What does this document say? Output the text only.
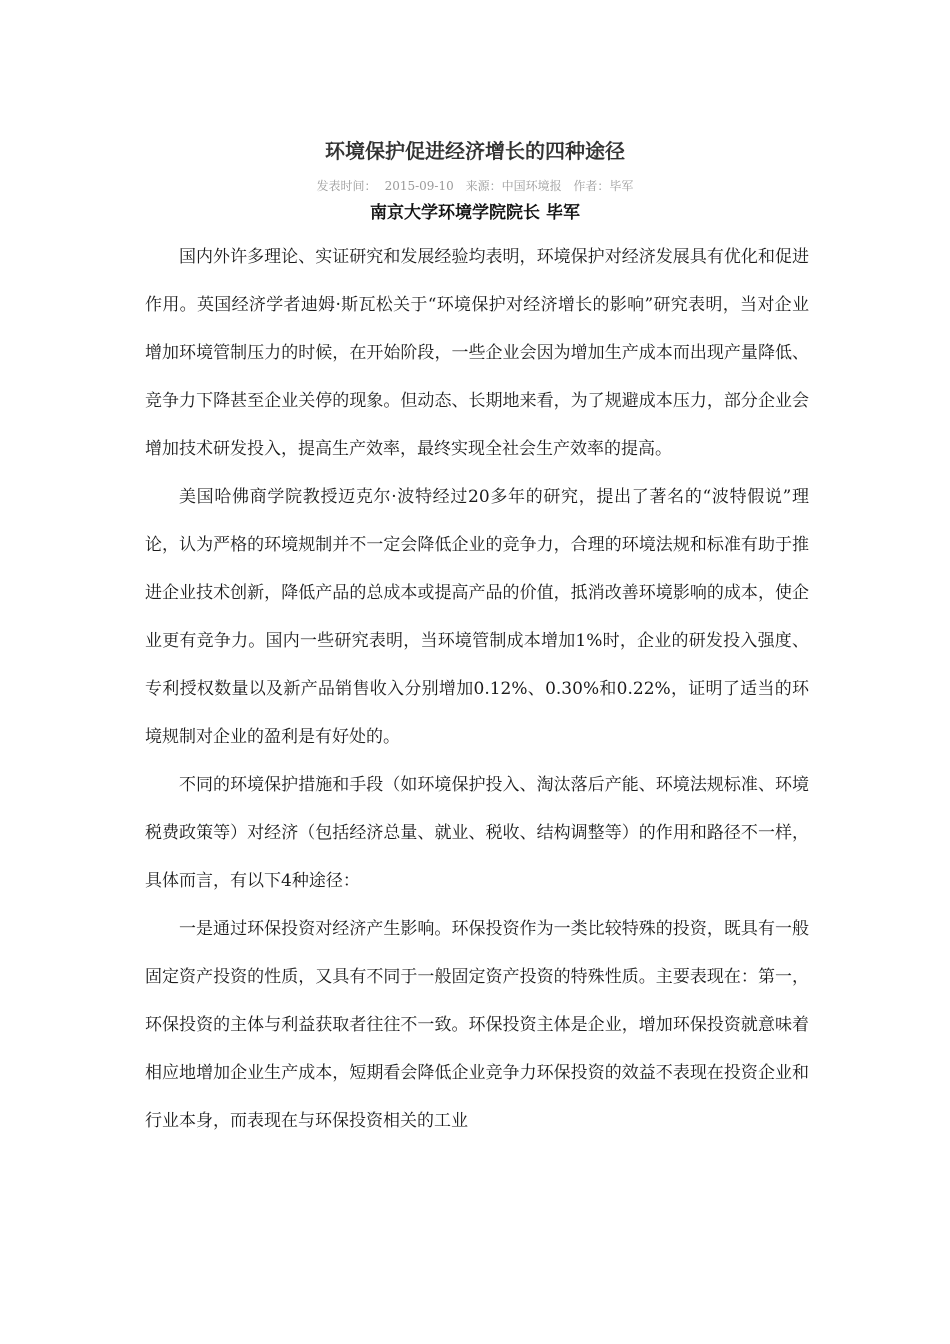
环境保护促进经济增长的四种途径
发表时间： 2015-09-10 来源：中国环境报 作者：毕军
南京大学环境学院院长 毕军

国内外许多理论、实证研究和发展经验均表明，环境保护对经济发展具有优化和促进作用。英国经济学者迪姆·斯瓦松关于“环境保护对经济增长的影响”研究表明，当对企业增加环境管制压力的时候，在开始阶段，一些企业会因为增加生产成本而出现产量降低、竞争力下降甚至企业关停的现象。但动态、长期地来看，为了规避成本压力，部分企业会增加技术研发投入，提高生产效率，最终实现全社会生产效率的提高。

美国哈佛商学院教授迈克尔·波特经过20多年的研究，提出了著名的“波特假说”理论，认为严格的环境规制并不一定会降低企业的竞争力，合理的环境法规和标准有助于推进企业技术创新，降低产品的总成本或提高产品的价值，抵消改善环境影响的成本，使企业更有竞争力。国内一些研究表明，当环境管制成本增加1%时，企业的研发投入强度、专利授权数量以及新产品销售收入分别增加0.12%、0.30%和0.22%，证明了适当的环境规制对企业的盈利是有好处的。

不同的环境保护措施和手段（如环境保护投入、淘汰落后产能、环境法规标准、环境税费政策等）对经济（包括经济总量、就业、税收、结构调整等）的作用和路径不一样，具体而言，有以下4种途径：

一是通过环保投资对经济产生影响。环保投资作为一类比较特殊的投资，既具有一般固定资产投资的性质，又具有不同于一般固定资产投资的特殊性质。主要表现在：第一，环保投资的主体与利益获取者往往不一致。环保投资主体是企业，增加环保投资就意味着相应地增加企业生产成本，短期看会降低企业竞争力环保投资的效益不表现在投资企业和行业本身，而表现在与环保投资相关的工业
